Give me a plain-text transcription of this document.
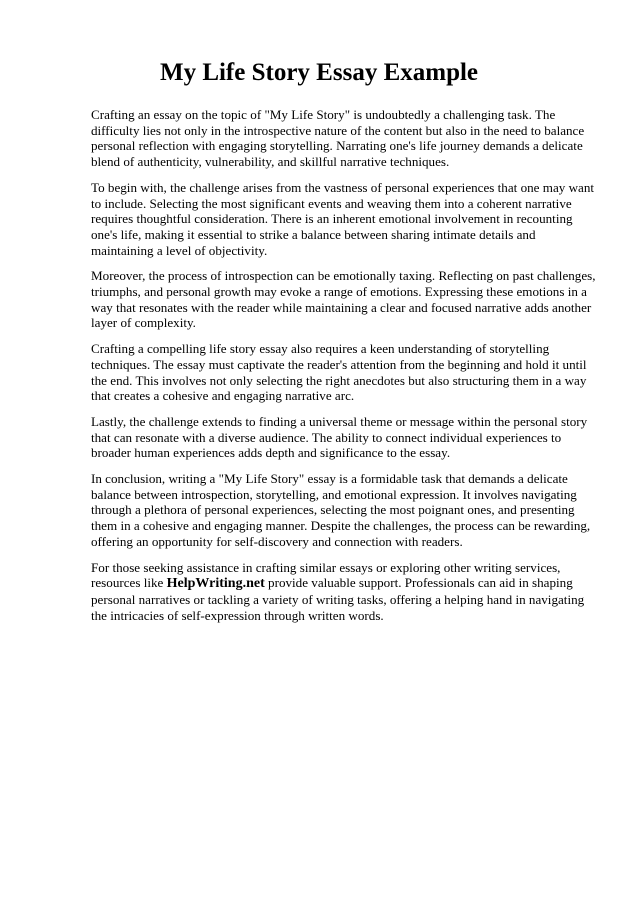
My Life Story Essay Example

Crafting an essay on the topic of "My Life Story" is undoubtedly a challenging task. The difficulty lies not only in the introspective nature of the content but also in the need to balance personal reflection with engaging storytelling. Narrating one's life journey demands a delicate blend of authenticity, vulnerability, and skillful narrative techniques.

To begin with, the challenge arises from the vastness of personal experiences that one may want to include. Selecting the most significant events and weaving them into a coherent narrative requires thoughtful consideration. There is an inherent emotional involvement in recounting one's life, making it essential to strike a balance between sharing intimate details and maintaining a level of objectivity.

Moreover, the process of introspection can be emotionally taxing. Reflecting on past challenges, triumphs, and personal growth may evoke a range of emotions. Expressing these emotions in a way that resonates with the reader while maintaining a clear and focused narrative adds another layer of complexity.

Crafting a compelling life story essay also requires a keen understanding of storytelling techniques. The essay must captivate the reader's attention from the beginning and hold it until the end. This involves not only selecting the right anecdotes but also structuring them in a way that creates a cohesive and engaging narrative arc.

Lastly, the challenge extends to finding a universal theme or message within the personal story that can resonate with a diverse audience. The ability to connect individual experiences to broader human experiences adds depth and significance to the essay.

In conclusion, writing a "My Life Story" essay is a formidable task that demands a delicate balance between introspection, storytelling, and emotional expression. It involves navigating through a plethora of personal experiences, selecting the most poignant ones, and presenting them in a cohesive and engaging manner. Despite the challenges, the process can be rewarding, offering an opportunity for self-discovery and connection with readers.

For those seeking assistance in crafting similar essays or exploring other writing services, resources like HelpWriting.net provide valuable support. Professionals can aid in shaping personal narratives or tackling a variety of writing tasks, offering a helping hand in navigating the intricacies of self-expression through written words.
